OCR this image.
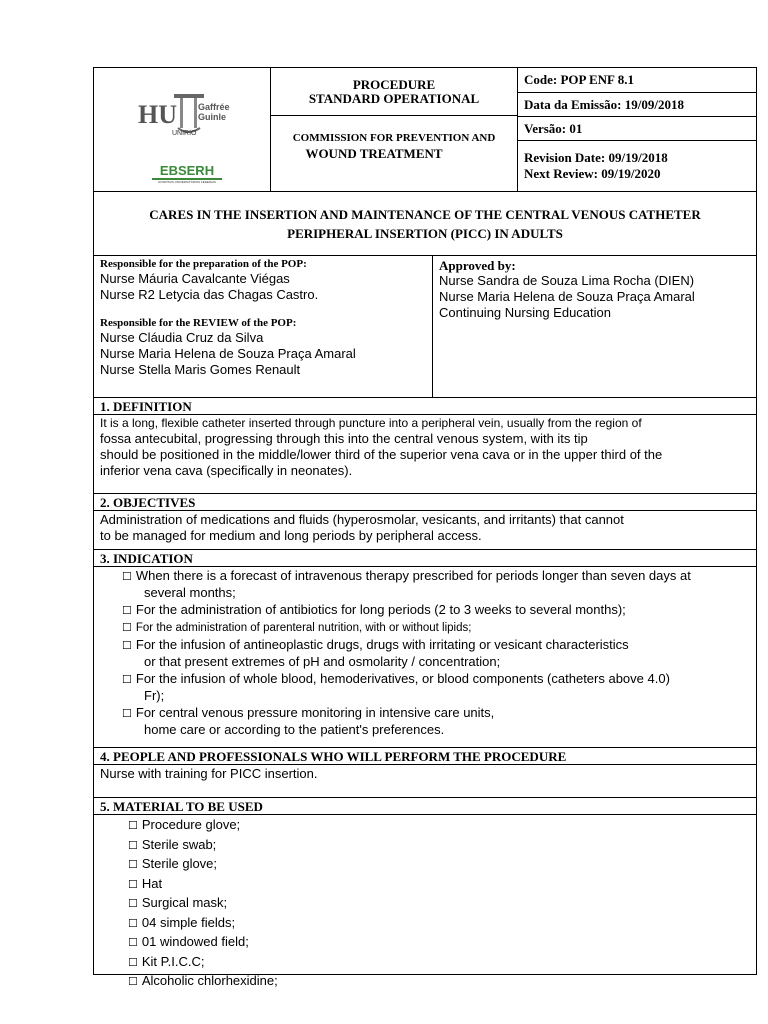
HU Gaffrée
Guinle
UNIRIO
EBSERH
HOSPITAIS UNIVERSITÁRIOS FEDERAIS
PROCEDURE
STANDARD OPERATIONAL
COMMISSION FOR PREVENTION AND
WOUND TREATMENT
Code: POP ENF 8.1
Data da Emissão: 19/09/2018
Versão: 01
Revision Date: 09/19/2018
Next Review: 09/19/2020
CARES IN THE INSERTION AND MAINTENANCE OF THE CENTRAL VENOUS CATHETER
PERIPHERAL INSERTION (PICC) IN ADULTS
Responsible for the preparation of the POP:
Nurse Máuria Cavalcante Viégas
Nurse R2 Letycia das Chagas Castro.
Responsible for the REVIEW of the POP:
Nurse Cláudia Cruz da Silva
Nurse Maria Helena de Souza Praça Amaral
Nurse Stella Maris Gomes Renault
Approved by:
Nurse Sandra de Souza Lima Rocha (DIEN)
Nurse Maria Helena de Souza Praça Amaral
Continuing Nursing Education
1. DEFINITION
It is a long, flexible catheter inserted through puncture into a peripheral vein, usually from the region of
fossa antecubital, progressing through this into the central venous system, with its tip
should be positioned in the middle/lower third of the superior vena cava or in the upper third of the
inferior vena cava (specifically in neonates).
2. OBJECTIVES
Administration of medications and fluids (hyperosmolar, vesicants, and irritants) that cannot
to be managed for medium and long periods by peripheral access.
3. INDICATION
☐ When there is a forecast of intravenous therapy prescribed for periods longer than seven days at
several months;
☐ For the administration of antibiotics for long periods (2 to 3 weeks to several months);
☐ For the administration of parenteral nutrition, with or without lipids;
☐ For the infusion of antineoplastic drugs, drugs with irritating or vesicant characteristics
or that present extremes of pH and osmolarity / concentration;
☐ For the infusion of whole blood, hemoderivatives, or blood components (catheters above 4.0)
Fr);
☐ For central venous pressure monitoring in intensive care units,
home care or according to the patient's preferences.
4. PEOPLE AND PROFESSIONALS WHO WILL PERFORM THE PROCEDURE
Nurse with training for PICC insertion.
5. MATERIAL TO BE USED
☐ Procedure glove;
☐ Sterile swab;
☐ Sterile glove;
☐ Hat
☐ Surgical mask;
☐ 04 simple fields;
☐ 01 windowed field;
☐ Kit P.I.C.C;
☐ Alcoholic chlorhexidine;
